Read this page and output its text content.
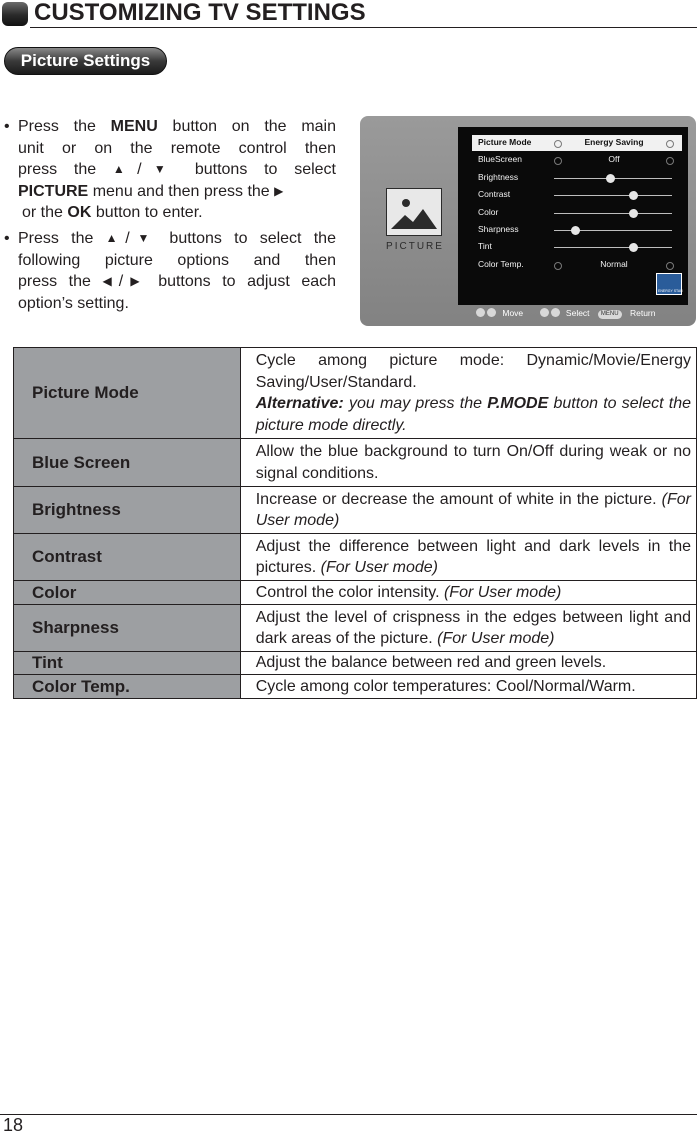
CUSTOMIZING TV SETTINGS
Picture Settings
• Press the MENU button on the main
unit or on the remote control then
press the ▲/▼ buttons to select
PICTURE menu and then press the ▶
or the OK button to enter.
• Press the ▲/▼ buttons to select the
following picture options and then
press the ◀/▶ buttons to adjust each
option’s setting.
PICTURE
Picture Mode	Energy Saving
BlueScreen	Off
Brightness
Contrast
Color
Sharpness
Tint
Color Temp.	Normal
Move	Select MENU Return
ENERGY STAR
Picture Mode	Cycle among picture mode: Dynamic/Movie/Energy Saving/User/Standard.
Alternative: you may press the P.MODE button to select the picture mode directly.

Blue Screen	Allow the blue background to turn On/Off during weak or no signal conditions.
Brightness	Increase or decrease the amount of white in the picture. (For User mode)
Contrast	Adjust the difference between light and dark levels in the pictures. (For User mode)
Color	Control the color intensity. (For User mode)
Sharpness	Adjust the level of crispness in the edges between light and dark areas of the picture. (For User mode)
Tint	Adjust the balance between red and green levels.
Color Temp.	Cycle among color temperatures: Cool/Normal/Warm.
18
